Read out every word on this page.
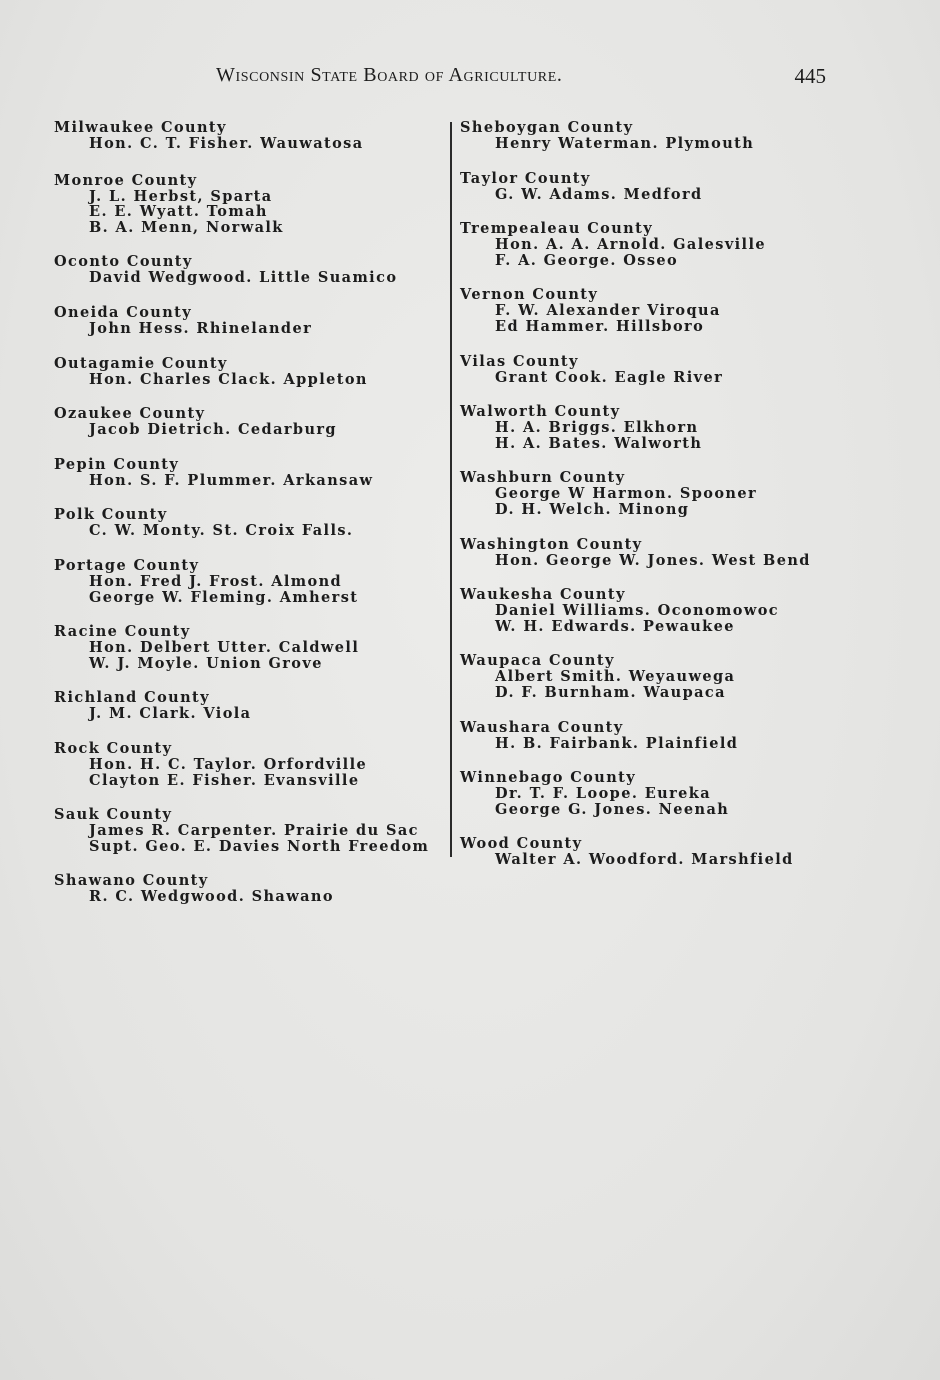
Wisconsin State Board of Agriculture.	445
Milwaukee County
Hon. C. T. Fisher. Wauwatosa
Monroe County
J. L. Herbst, Sparta
E. E. Wyatt. Tomah
B. A. Menn, Norwalk
Oconto County
David Wedgwood. Little Suamico
Oneida County
John Hess. Rhinelander
Outagamie County
Hon. Charles Clack. Appleton
Ozaukee County
Jacob Dietrich. Cedarburg
Pepin County
Hon. S. F. Plummer. Arkansaw
Polk County
C. W. Monty. St. Croix Falls.
Portage County
Hon. Fred J. Frost. Almond
George W. Fleming. Amherst
Racine County
Hon. Delbert Utter. Caldwell
W. J. Moyle. Union Grove
Richland County
J. M. Clark. Viola
Rock County
Hon. H. C. Taylor. Orfordville
Clayton E. Fisher. Evansville
Sauk County
James R. Carpenter. Prairie du Sac
Supt. Geo. E. Davies North Freedom
Shawano County
R. C. Wedgwood. Shawano
Sheboygan County
Henry Waterman. Plymouth
Taylor County
G. W. Adams. Medford
Trempealeau County
Hon. A. A. Arnold. Galesville
F. A. George. Osseo
Vernon County
F. W. Alexander Viroqua
Ed Hammer. Hillsboro
Vilas County
Grant Cook. Eagle River
Walworth County
H. A. Briggs. Elkhorn
H. A. Bates. Walworth
Washburn County
George W Harmon. Spooner
D. H. Welch. Minong
Washington County
Hon. George W. Jones. West Bend
Waukesha County
Daniel Williams. Oconomowoc
W. H. Edwards. Pewaukee
Waupaca County
Albert Smith. Weyauwega
D. F. Burnham. Waupaca
Waushara County
H. B. Fairbank. Plainfield
Winnebago County
Dr. T. F. Loope. Eureka
George G. Jones. Neenah
Wood County
Walter A. Woodford. Marshfield
